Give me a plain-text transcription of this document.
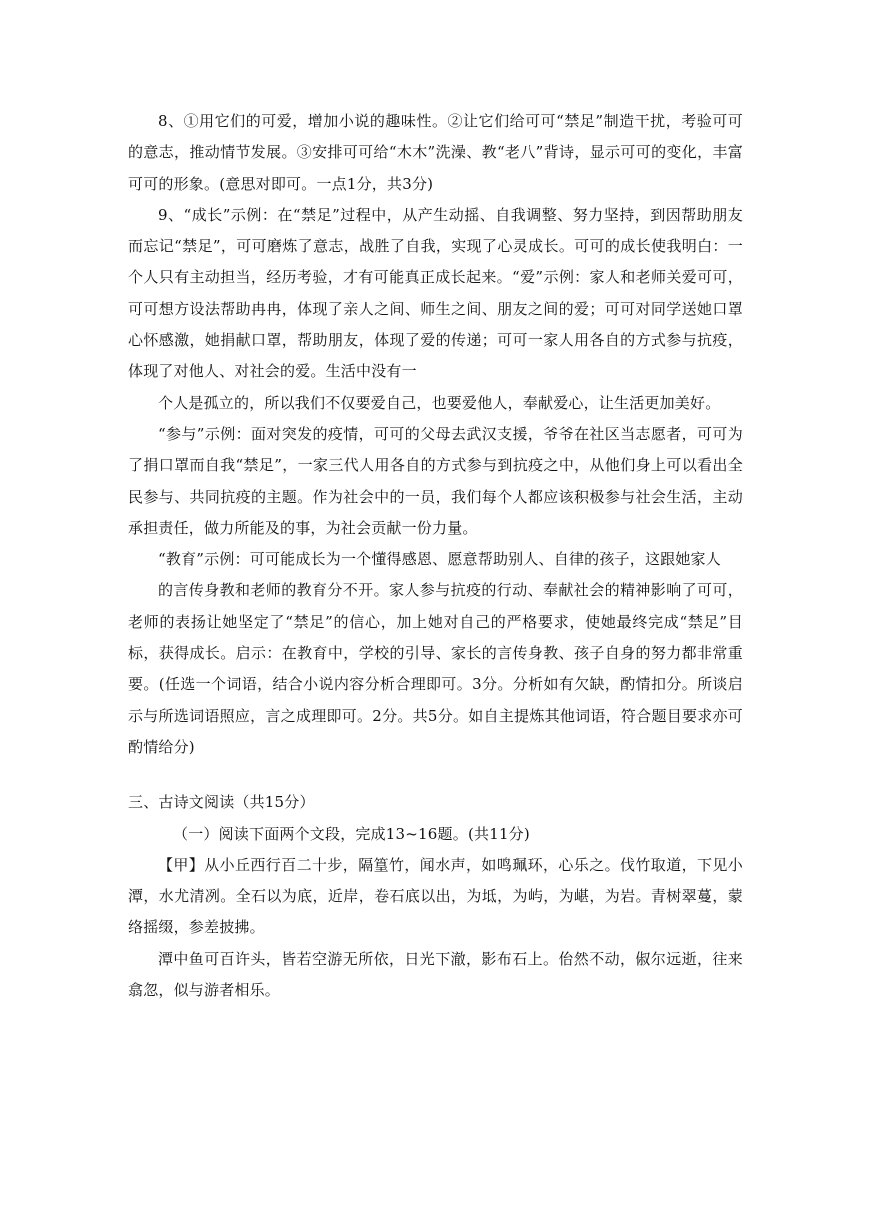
8、①用它们的可爱，增加小说的趣味性。②让它们给可可“禁足”制造干扰，考验可可的意志，推动情节发展。③安排可可给“木木”洗澡、教“老八”背诗，显示可可的变化，丰富可可的形象。(意思对即可。一点1分，共3分)

9、“成长”示例：在“禁足”过程中，从产生动摇、自我调整、努力坚持，到因帮助朋友而忘记“禁足”，可可磨炼了意志，战胜了自我，实现了心灵成长。可可的成长使我明白：一个人只有主动担当，经历考验，才有可能真正成长起来。“爱”示例：家人和老师关爱可可，可可想方设法帮助冉冉，体现了亲人之间、师生之间、朋友之间的爱；可可对同学送她口罩心怀感激，她捐献口罩，帮助朋友，体现了爱的传递；可可一家人用各自的方式参与抗疫，体现了对他人、对社会的爱。生活中没有一

个人是孤立的，所以我们不仅要爱自己，也要爱他人，奉献爱心，让生活更加美好。

“参与”示例：面对突发的疫情，可可的父母去武汉支援，爷爷在社区当志愿者，可可为了捐口罩而自我“禁足”，一家三代人用各自的方式参与到抗疫之中，从他们身上可以看出全民参与、共同抗疫的主题。作为社会中的一员，我们每个人都应该积极参与社会生活，主动承担责任，做力所能及的事，为社会贡献一份力量。

“教育”示例：可可能成长为一个懂得感恩、愿意帮助别人、自律的孩子，这跟她家人

的言传身教和老师的教育分不开。家人参与抗疫的行动、奉献社会的精神影响了可可，老师的表扬让她坚定了“禁足”的信心，加上她对自己的严格要求，使她最终完成“禁足”目标，获得成长。启示：在教育中，学校的引导、家长的言传身教、孩子自身的努力都非常重要。(任选一个词语，结合小说内容分析合理即可。3分。分析如有欠缺，酌情扣分。所谈启示与所选词语照应，言之成理即可。2分。共5分。如自主提炼其他词语，符合题目要求亦可酌情给分)

三、古诗文阅读（共15分）

（一）阅读下面两个文段，完成13~16题。(共11分)

【甲】从小丘西行百二十步，隔篁竹，闻水声，如鸣珮环，心乐之。伐竹取道，下见小潭，水尤清冽。全石以为底，近岸，卷石底以出，为坻，为屿，为嵁，为岩。青树翠蔓，蒙络摇缀，参差披拂。

潭中鱼可百许头，皆若空游无所依，日光下澈，影布石上。佁然不动，俶尔远逝，往来翕忽，似与游者相乐。
